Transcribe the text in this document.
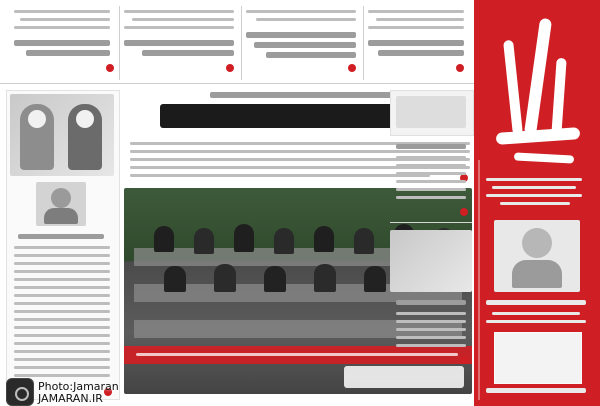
Photo:Jamaran
JAMARAN.IR
